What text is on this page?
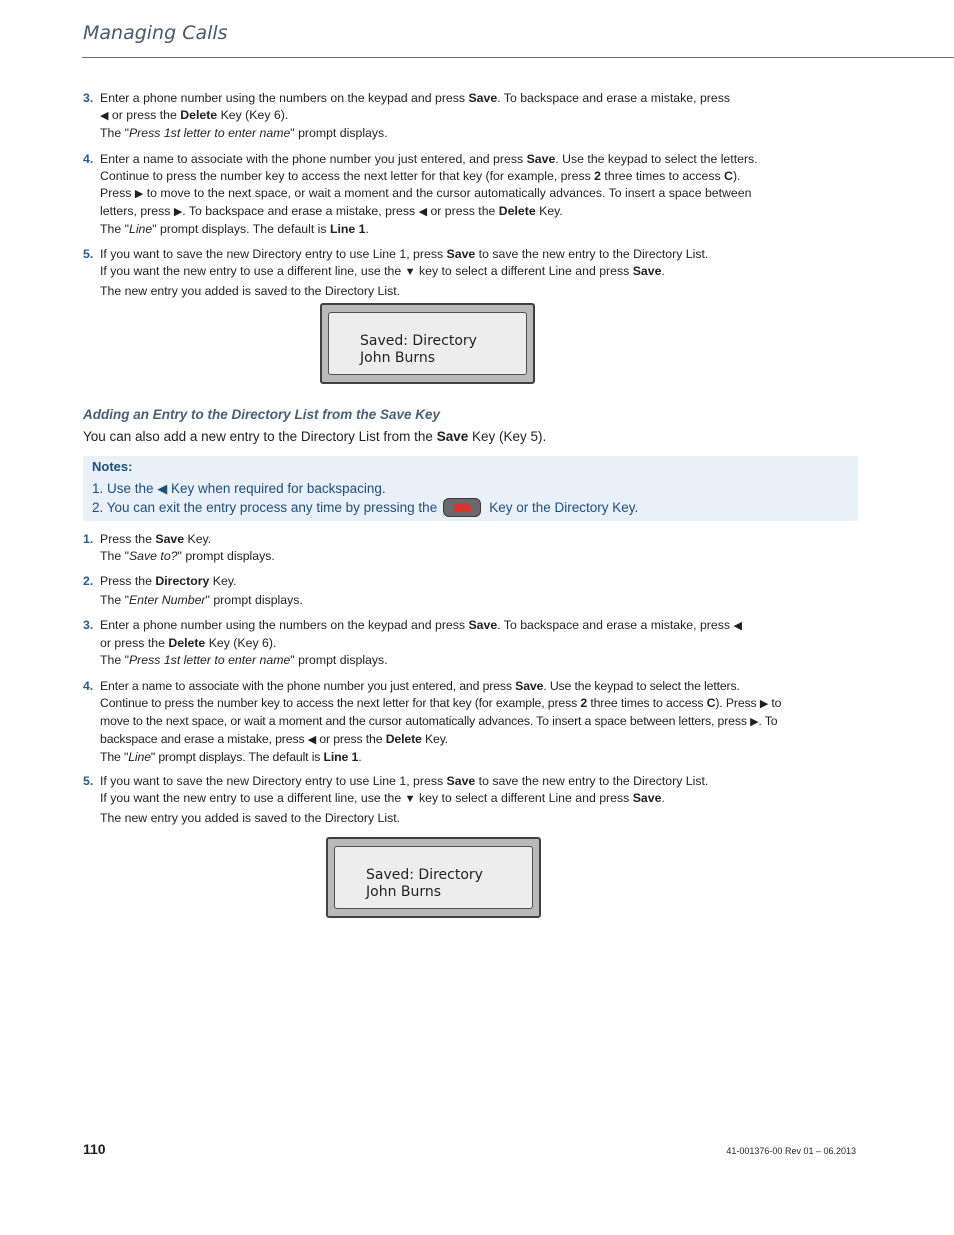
Managing Calls
3. Enter a phone number using the numbers on the keypad and press Save. To backspace and erase a mistake, press
◀ or press the Delete Key (Key 6).

The "Press 1st letter to enter name" prompt displays.

4. Enter a name to associate with the phone number you just entered, and press Save. Use the keypad to select the letters. Continue to press the number key to access the next letter for that key (for example, press 2 three times to access C). Press ▶ to move to the next space, or wait a moment and the cursor automatically advances. To insert a space between letters, press ▶. To backspace and erase a mistake, press ◀ or press the Delete Key.

The "Line" prompt displays. The default is Line 1.

5. If you want to save the new Directory entry to use Line 1, press Save to save the new entry to the Directory List.
If you want the new entry to use a different line, use the ▼ key to select a different Line and press Save.

The new entry you added is saved to the Directory List.

Saved: Directory
John Burns
Adding an Entry to the Directory List from the Save Key
You can also add a new entry to the Directory List from the Save Key (Key 5).
Notes:
1. Use the ◀ Key when required for backspacing.
2. You can exit the entry process any time by pressing the	Key or the Directory Key.
1. Press the Save Key.

The "Save to?" prompt displays.

2. Press the Directory Key.

The "Enter Number" prompt displays.

3. Enter a phone number using the numbers on the keypad and press Save. To backspace and erase a mistake, press ◀
or press the Delete Key (Key 6).

The "Press 1st letter to enter name" prompt displays.

4. Enter a name to associate with the phone number you just entered, and press Save. Use the keypad to select the letters. Continue to press the number key to access the next letter for that key (for example, press 2 three times to access C). Press ▶ to move to the next space, or wait a moment and the cursor automatically advances. To insert a space between letters, press ▶. To backspace and erase a mistake, press ◀ or press the Delete Key.

The "Line" prompt displays. The default is Line 1.

5. If you want to save the new Directory entry to use Line 1, press Save to save the new entry to the Directory List.
If you want the new entry to use a different line, use the ▼ key to select a different Line and press Save.

The new entry you added is saved to the Directory List.

Saved: Directory
John Burns
110	41-001376-00 Rev 01 – 06.2013
